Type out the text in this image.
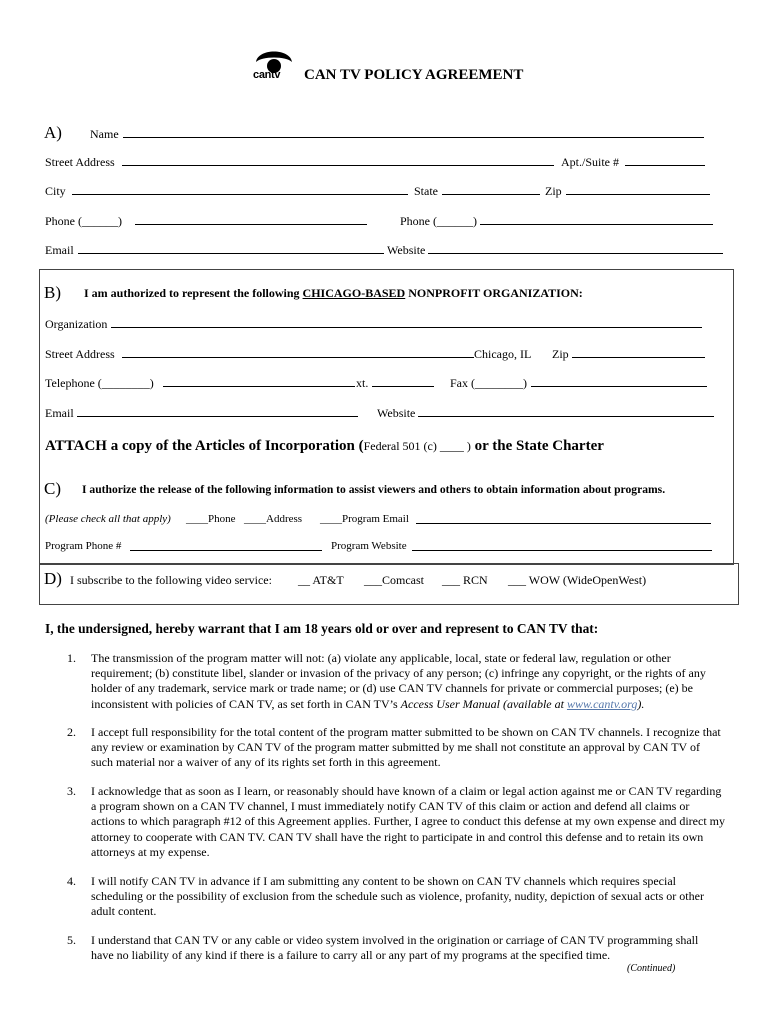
cantv CAN TV POLICY AGREEMENT
A) Name
Street Address	Apt./Suite #
City	State	Zip
Phone (______)	Phone (______)
Email	Website
B) I am authorized to represent the following CHICAGO-BASED NONPROFIT ORGANIZATION:
Organization
Street Address	Chicago, IL Zip
Telephone (________)	xt.	Fax (________)
Email	Website
ATTACH a copy of the Articles of Incorporation (Federal 501 (c) ____ ) or the State Charter
C) I authorize the release of the following information to assist viewers and others to obtain information about programs.
(Please check all that apply) ____Phone ____Address ____Program Email
Program Phone #	Program Website
D) I subscribe to the following video service: __ AT&T ___Comcast ___ RCN ___ WOW (WideOpenWest)
I, the undersigned, hereby warrant that I am 18 years old or over and represent to CAN TV that:
1. The transmission of the program matter will not: (a) violate any applicable, local, state or federal law, regulation or other requirement; (b) constitute libel, slander or invasion of the privacy of any person; (c) infringe any copyright, or the rights of any holder of any trademark, service mark or trade name; or (d) use CAN TV channels for private or commercial purposes; (e) be inconsistent with policies of CAN TV, as set forth in CAN TV’s Access User Manual (available at www.cantv.org).
2. I accept full responsibility for the total content of the program matter submitted to be shown on CAN TV channels. I recognize that any review or examination by CAN TV of the program matter submitted by me shall not constitute an approval by CAN TV of such material nor a waiver of any of its rights set forth in this agreement.
3. I acknowledge that as soon as I learn, or reasonably should have known of a claim or legal action against me or CAN TV regarding a program shown on a CAN TV channel, I must immediately notify CAN TV of this claim or action and defend all claims or actions to which paragraph #12 of this Agreement applies. Further, I agree to conduct this defense at my own expense and direct my attorney to cooperate with CAN TV. CAN TV shall have the right to participate in and control this defense and to retain its own attorneys at my expense.
4. I will notify CAN TV in advance if I am submitting any content to be shown on CAN TV channels which requires special scheduling or the possibility of exclusion from the schedule such as violence, profanity, nudity, depiction of sexual acts or other adult content.
5. I understand that CAN TV or any cable or video system involved in the origination or carriage of CAN TV programming shall have no liability of any kind if there is a failure to carry all or any part of my programs at the specified time.
(Continued)
